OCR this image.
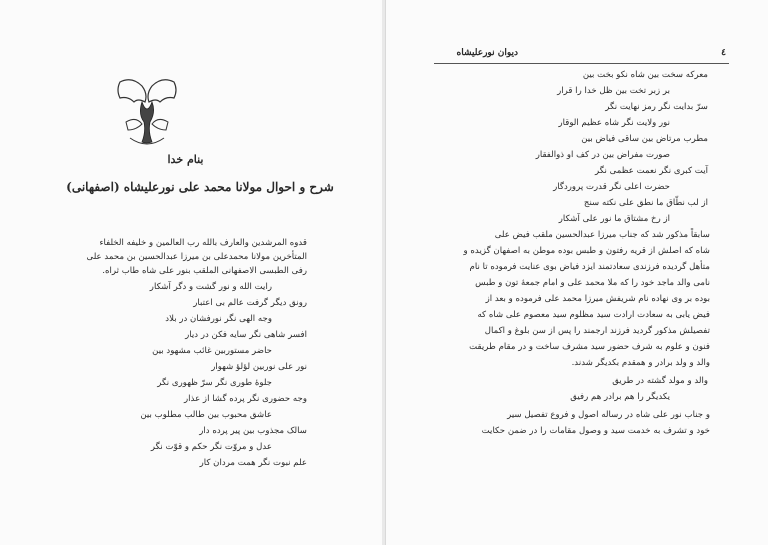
بنام خدا
شرح و احوال مولانا محمد علی نورعلیشاه (اصفهانی)
قدوه المرشدین والعارف بالله رب العالمین و خلیفه الخلفاء
المتأخرین مولانا محمدعلی بن میرزا عبدالحسین بن محمد علی
رفی الطبسی الاصفهانی الملقب بنور علی شاه طاب ثراه.
رایت الله و نور گشت و دگر آشکار
رونق دیگر گرفت عالم بی اعتبار
وجه الهی نگر نورفشان در بلاد
افسر شاهی نگر سایه فکن در دیار
حاضر مستوربین غائب مشهود بین
نور علی نوربین لؤلؤ شهوار
جلوهٔ طوری نگر سرّ ظهوری نگر
وجه حضوری نگر پرده گشا از عذار
عاشق محبوب بین طالب مطلوب بین
سالک مجذوب بین پیر پرده دار
عدل و مروّت نگر حکم و قوّت نگر
علم نبوت نگر همت مردان کار
٤
دیوان نورعلیشاه
معرکه سخت بین شاه نکو بخت بین
بر زبر تخت بین ظل خدا را قرار
سرّ بدایت نگر رمز نهایت نگر
نور ولایت نگر شاه عظیم الوقار
مطرب مرتاض بین ساقی فیاض بین
صورت مفراض بین در کف او ذوالفقار
آیت کبری نگر نعمت عظمی نگر
حضرت اعلی نگر قدرت پروردگار
از لب نطّاق ما نطق علی نکته سنج
از رخ مشتاق ما نور علی آشکار
سابقاً مذکور شد که جناب میرزا عبدالحسین ملقب فیض علی
شاه که اصلش از قریه رفتون و طبس بوده موطن به اصفهان گزیده و
متأهل گردیده فرزندی سعادتمند ایزد فیاض بوی عنایت فرموده تا نام
نامی والد ماجد خود را که ملا محمد علی و امام جمعهٔ تون و طبس
بوده بر وی نهاده نام شریفش میرزا محمد علی فرموده و بعد از
فیض یابی به سعادت ارادت سید مظلوم سید معصوم علی شاه که
تفصیلش مذکور گردید فرزند ارجمند را پس از سن بلوغ و اکمال
فنون و علوم به شرف حضور سید مشرف ساخت و در مقام طریقت
والد و ولد برادر و همقدم بکدیگر شدند.
والد و مولد گشته در طریق
یکدیگر را هم برادر هم رفیق
و جناب نور علی شاه در رساله اصول و فروع تفصیل سیر
خود و تشرف به خدمت سید و وصول مقامات را در ضمن حکایت
